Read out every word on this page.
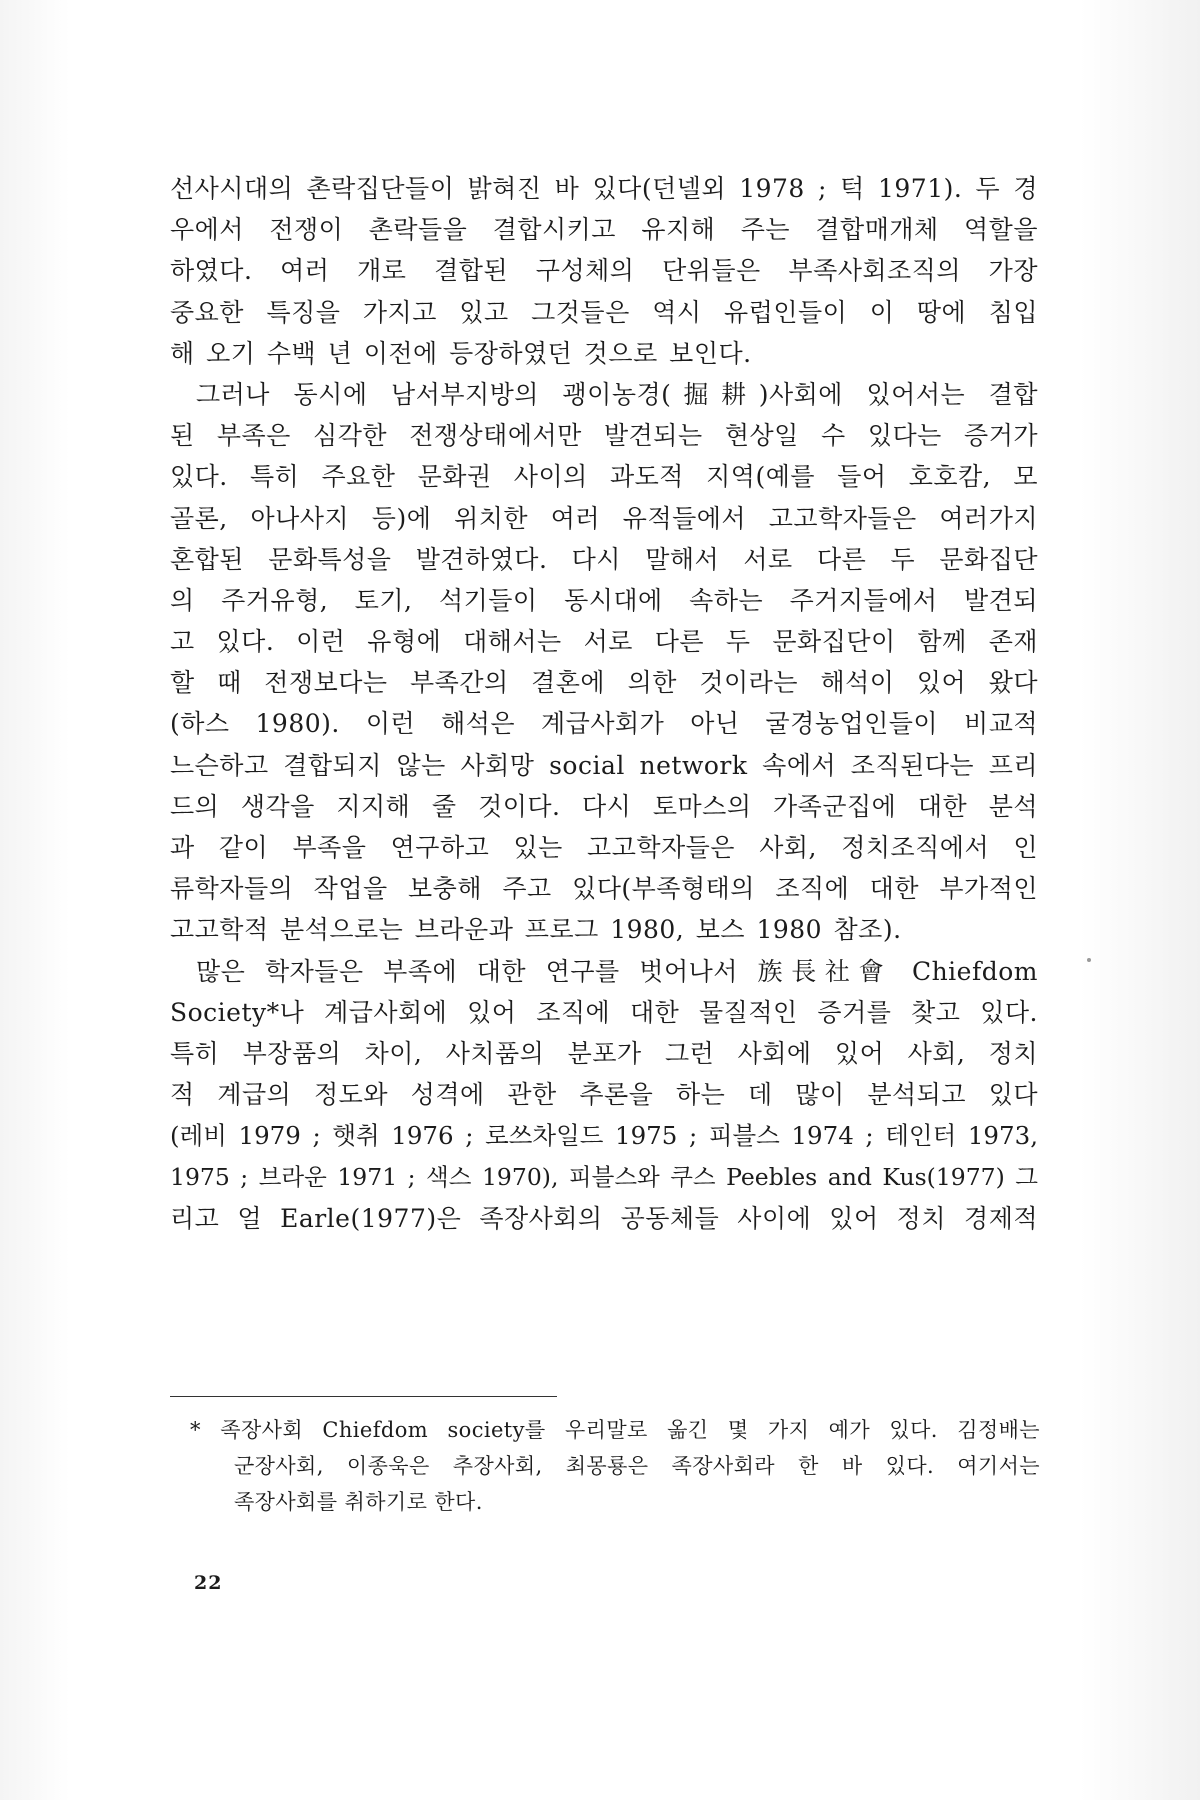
선사시대의 촌락집단들이 밝혀진 바 있다(던넬외 1978 ; 턱 1971). 두 경
우에서 전쟁이 촌락들을 결합시키고 유지해 주는 결합매개체 역할을
하였다. 여러 개로 결합된 구성체의 단위들은 부족사회조직의 가장
중요한 특징을 가지고 있고 그것들은 역시 유럽인들이 이 땅에 침입
해 오기 수백 년 이전에 등장하였던 것으로 보인다.
그러나 동시에 남서부지방의 괭이농경(掘耕)사회에 있어서는 결합
된 부족은 심각한 전쟁상태에서만 발견되는 현상일 수 있다는 증거가
있다. 특히 주요한 문화권 사이의 과도적 지역(예를 들어 호호캄, 모
골론, 아나사지 등)에 위치한 여러 유적들에서 고고학자들은 여러가지
혼합된 문화특성을 발견하였다. 다시 말해서 서로 다른 두 문화집단
의 주거유형, 토기, 석기들이 동시대에 속하는 주거지들에서 발견되
고 있다. 이런 유형에 대해서는 서로 다른 두 문화집단이 함께 존재
할 때 전쟁보다는 부족간의 결혼에 의한 것이라는 해석이 있어 왔다
(하스 1980). 이런 해석은 계급사회가 아닌 굴경농업인들이 비교적
느슨하고 결합되지 않는 사회망 social network 속에서 조직된다는 프리
드의 생각을 지지해 줄 것이다. 다시 토마스의 가족군집에 대한 분석
과 같이 부족을 연구하고 있는 고고학자들은 사회, 정치조직에서 인
류학자들의 작업을 보충해 주고 있다(부족형태의 조직에 대한 부가적인
고고학적 분석으로는 브라운과 프로그 1980, 보스 1980 참조).
많은 학자들은 부족에 대한 연구를 벗어나서 族長社會 Chiefdom
Society*나 계급사회에 있어 조직에 대한 물질적인 증거를 찾고 있다.
특히 부장품의 차이, 사치품의 분포가 그런 사회에 있어 사회, 정치
적 계급의 정도와 성격에 관한 추론을 하는 데 많이 분석되고 있다
(레비 1979 ; 햇취 1976 ; 로쓰차일드 1975 ; 피블스 1974 ; 테인터 1973,
1975 ; 브라운 1971 ; 색스 1970), 피블스와 쿠스 Peebles and Kus(1977) 그
리고 얼 Earle(1977)은 족장사회의 공동체들 사이에 있어 정치 경제적
* 족장사회 Chiefdom society를 우리말로 옮긴 몇 가지 예가 있다. 김정배는
군장사회, 이종욱은 추장사회, 최몽룡은 족장사회라 한 바 있다. 여기서는
족장사회를 취하기로 한다.
22
